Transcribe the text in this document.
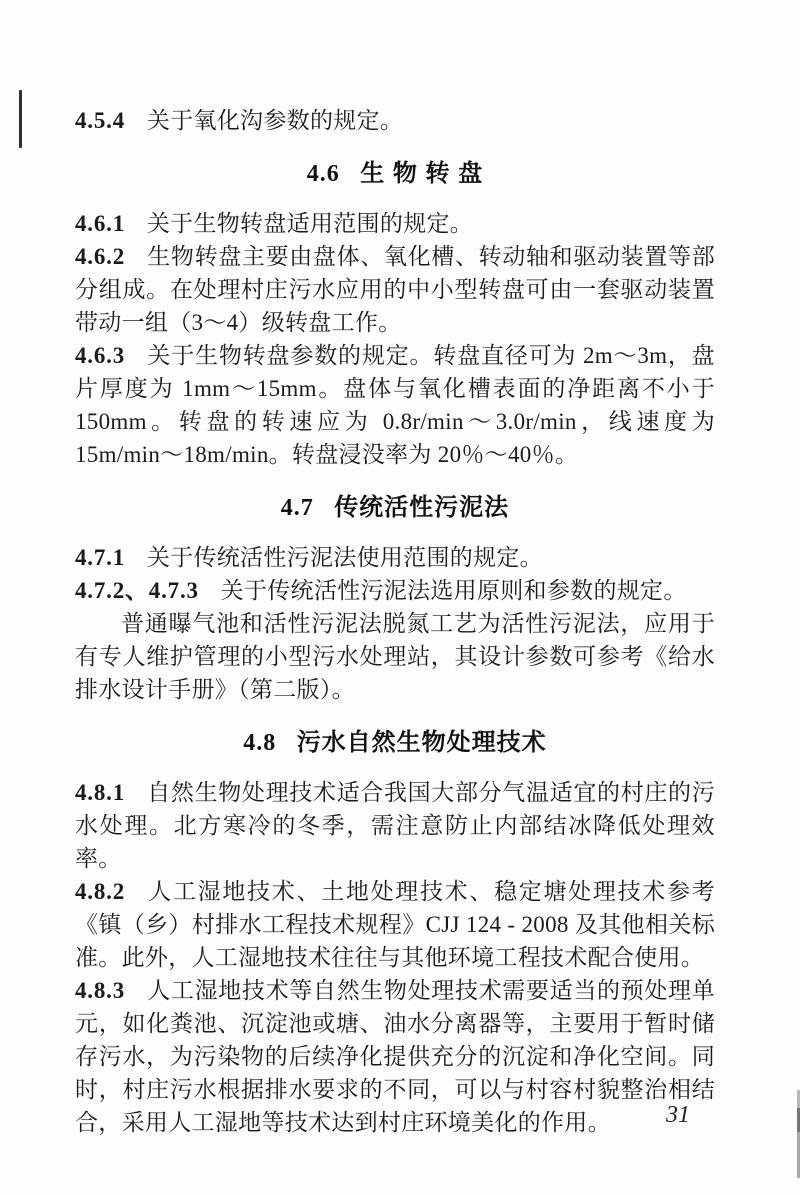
4.5.4 关于氧化沟参数的规定。

4.6 生 物 转 盘

4.6.1 关于生物转盘适用范围的规定。

4.6.2 生物转盘主要由盘体、氧化槽、转动轴和驱动装置等部分组成。在处理村庄污水应用的中小型转盘可由一套驱动装置带动一组（3～4）级转盘工作。

4.6.3 关于生物转盘参数的规定。转盘直径可为 2m～3m，盘片厚度为 1mm～15mm。盘体与氧化槽表面的净距离不小于 150mm。转盘的转速应为 0.8r/min～3.0r/min，线速度为 15m/min～18m/min。转盘浸没率为 20％～40％。

4.7 传统活性污泥法

4.7.1 关于传统活性污泥法使用范围的规定。

4.7.2、4.7.3 关于传统活性污泥法选用原则和参数的规定。

普通曝气池和活性污泥法脱氮工艺为活性污泥法，应用于有专人维护管理的小型污水处理站，其设计参数可参考《给水排水设计手册》（第二版）。

4.8 污水自然生物处理技术

4.8.1 自然生物处理技术适合我国大部分气温适宜的村庄的污水处理。北方寒冷的冬季，需注意防止内部结冰降低处理效率。

4.8.2 人工湿地技术、土地处理技术、稳定塘处理技术参考《镇（乡）村排水工程技术规程》CJJ 124 - 2008 及其他相关标准。此外，人工湿地技术往往与其他环境工程技术配合使用。

4.8.3 人工湿地技术等自然生物处理技术需要适当的预处理单元，如化粪池、沉淀池或塘、油水分离器等，主要用于暂时储存污水，为污染物的后续净化提供充分的沉淀和净化空间。同时，村庄污水根据排水要求的不同，可以与村容村貌整治相结合，采用人工湿地等技术达到村庄环境美化的作用。	31
